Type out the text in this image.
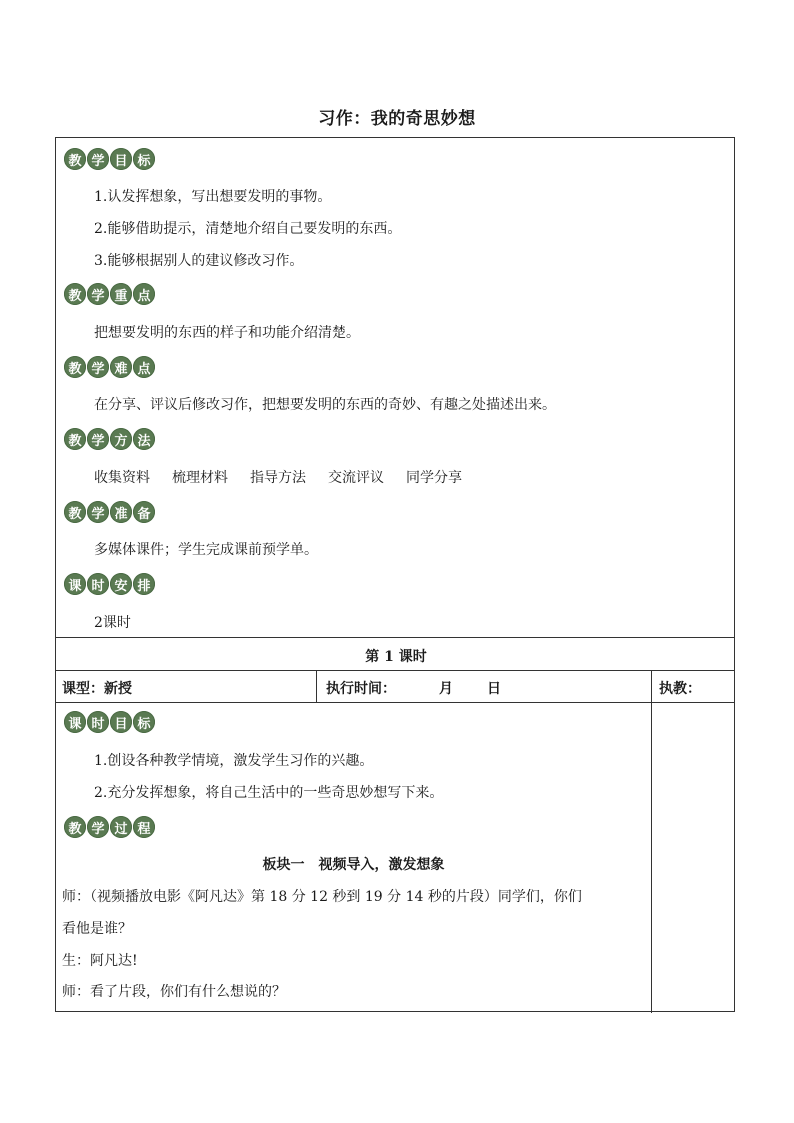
习作：我的奇思妙想
教 学 目 标
1.认发挥想象，写出想要发明的事物。
2.能够借助提示，清楚地介绍自己要发明的东西。
3.能够根据别人的建议修改习作。
教 学 重 点
把想要发明的东西的样子和功能介绍清楚。
教 学 难 点
在分享、评议后修改习作，把想要发明的东西的奇妙、有趣之处描述出来。
教 学 方 法
收集资料 梳理材料 指导方法 交流评议 同学分享
教 学 准 备
多媒体课件；学生完成课前预学单。
课 时 安 排
2课时
第 1 课时
课型：新授	执行时间：	月 日	执教：
课 时 目 标
1.创设各种教学情境，激发学生习作的兴趣。
2.充分发挥想象，将自己生活中的一些奇思妙想写下来。
教 学 过 程
板块一　视频导入，激发想象
师：（视频播放电影《阿凡达》第 18 分 12 秒到 19 分 14 秒的片段）同学们，你们
看他是谁？
生：阿凡达!
师：看了片段，你们有什么想说的？
